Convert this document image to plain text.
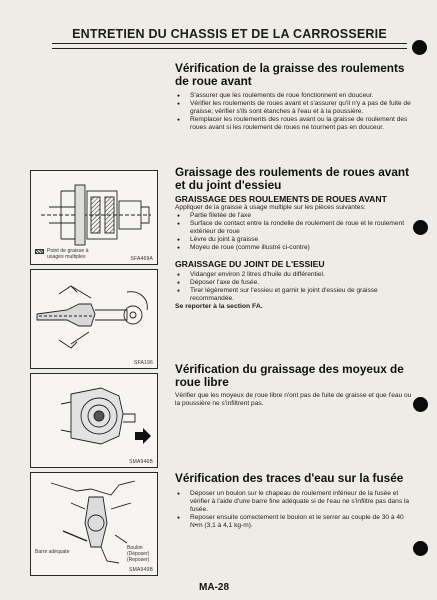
ENTRETIEN DU CHASSIS ET DE LA CARROSSERIE
Point de graisse à
usages multiples	SFA469A
SFA196
SMA946B
Barre adéquate
Boulon
(Déposer)
(Reposer)
SMA949B
Vérification de la graisse des roulements de roue avant
● S'assurer que les roulements de roue fonctionnent en douceur.
● Vérifier les roulements de roues avant et s'assurer qu'il n'y a pas de fuite de graisse; vérifier s'ils sont étanches à l'eau et à la poussière.
● Remplacer les roulements des roues avant ou la graisse de roulement des roues avant si les roulement de roues ne tournent pas en douceur.
Graissage des roulements de roues avant et du joint d'essieu
GRAISSAGE DES ROULEMENTS DE ROUES AVANT

Appliquer de la graisse à usage multiple sur les pièces suivantes:

● Partie filetée de l'axe
● Surface de contact entre la rondelle de roulement de roue et le roulement extérieur de roue
● Lèvre du joint à graisse
● Moyeu de roue (comme illustré ci-contre)
GRAISSAGE DU JOINT DE L'ESSIEU
● Vidanger environ 2 litres d'huile du différentiel.
● Déposer l'axe de fusée.
● Tirer légèrement sur l'essieu et garnir le joint d'essieu de graisse recommandée.

Se reporter à la section FA.

Vérification du graissage des moyeux de roue libre

Vérifier que les moyeux de roue libre n'ont pas de fuite de graisse et que l'eau ou la poussière ne s'infiltrent pas.

Vérification des traces d'eau sur la fusée
● Déposer un boulon sur le chapeau de roulement inférieur de la fusée et vérifier à l'aide d'une barre fine adéquate si de l'eau ne s'infiltre pas dans la fusée.
● Reposer ensuite correctement le boulon et le serrer au couple de 30 à 40 N•m (3,1 à 4,1 kg-m).
MA-28
